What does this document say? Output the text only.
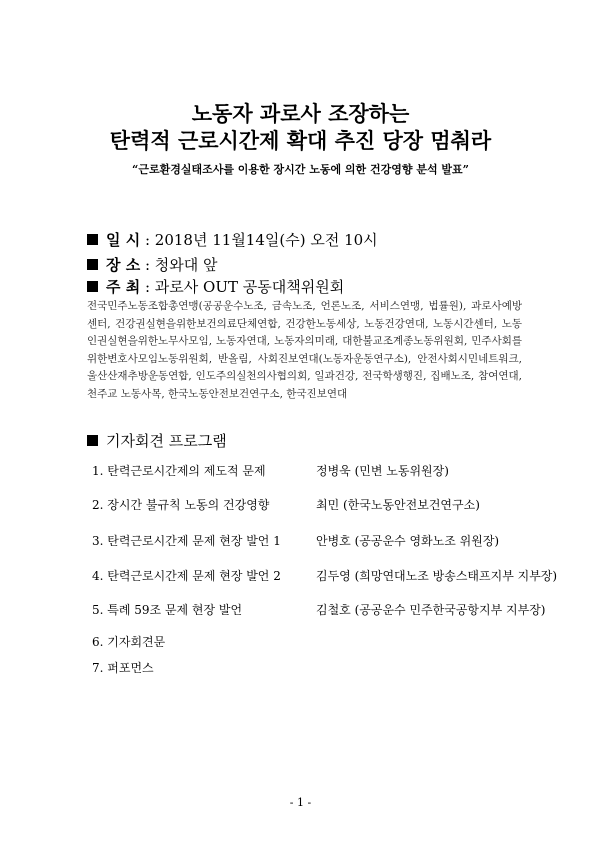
노동자 과로사 조장하는
탄력적 근로시간제 확대 추진 당장 멈춰라
“근로환경실태조사를 이용한 장시간 노동에 의한 건강영향 분석 발표”
일 시 : 2018년 11월14일(수) 오전 10시
장 소 : 청와대 앞
주 최 : 과로사 OUT 공동대책위원회
전국민주노동조합총연맹(공공운수노조, 금속노조, 언론노조, 서비스연맹, 법률원), 과로사예방센터, 건강권실현을위한보건의료단체연합, 건강한노동세상, 노동건강연대, 노동시간센터, 노동인권실현을위한노무사모임, 노동자연대, 노동자의미래, 대한불교조계종노동위원회, 민주사회를위한변호사모임노동위원회, 반올림, 사회진보연대(노동자운동연구소), 안전사회시민네트워크, 울산산재추방운동연합, 인도주의실천의사협의회, 일과건강, 전국학생행진, 집배노조, 참여연대, 천주교 노동사목, 한국노동안전보건연구소, 한국진보연대
기자회견 프로그램
1. 탄력근로시간제의 제도적 문제	정병욱 (민변 노동위원장)
2. 장시간 불규칙 노동의 건강영향	최민 (한국노동안전보건연구소)
3. 탄력근로시간제 문제 현장 발언 1	안병호 (공공운수 영화노조 위원장)
4. 탄력근로시간제 문제 현장 발언 2	김두영 (희망연대노조 방송스태프지부 지부장)
5. 특례 59조 문제 현장 발언	김철호 (공공운수 민주한국공항지부 지부장)
6. 기자회견문
7. 퍼포먼스
- 1 -
